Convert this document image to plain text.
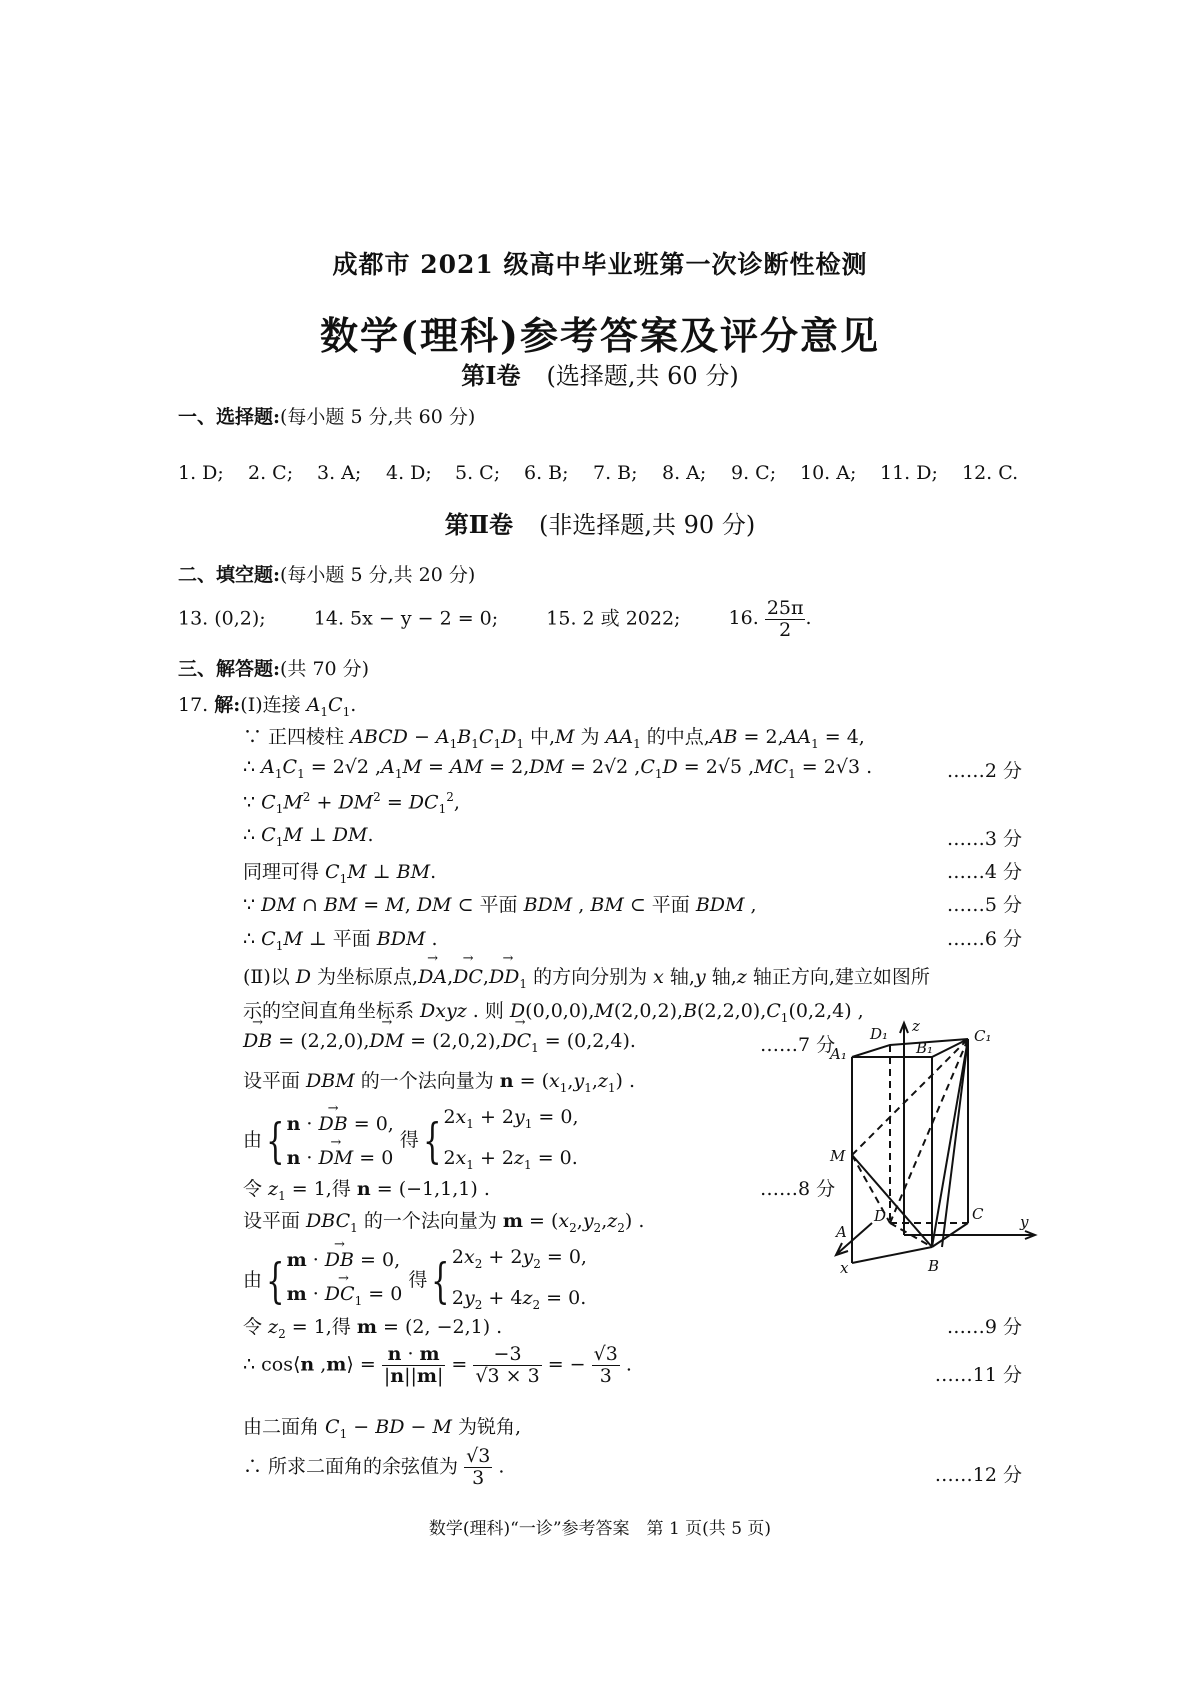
成都市 2021 级高中毕业班第一次诊断性检测
数学(理科)参考答案及评分意见
第Ⅰ卷 (选择题,共 60 分)
一、选择题:(每小题 5 分,共 60 分)
1. D; 2. C; 3. A; 4. D; 5. C; 6. B; 7. B; 8. A; 9. C; 10. A; 11. D; 12. C.
第Ⅱ卷 (非选择题,共 90 分)
二、填空题:(每小题 5 分,共 20 分)
13. (0,2);	14. 5x − y − 2 = 0;	15. 2 或 2022;	16. $\frac{25\pi}{2}$ .
三、解答题:(共 70 分)
17. 解:(Ⅰ)连接 $A_1C_1$.
∵ 正四棱柱 ABCD − $A_1B_1C_1D_1$ 中,M 为 $AA_1$ 的中点$,AB = 2,AA_1 = 4$,
∴ $A_1C_1 = 2√2$ $,A_1M$ = AM = 2,DM = 2√2 $,C_1D = 2√5$ $,MC_1 = 2√3$ .	……2 分
∵ $C_1M^2 + DM^2 = DC_1^2$,
∴ $C_1M$ ⊥ DM.	……3 分
同理可得 $C_1M$ ⊥ BM.	……4 分
∵ DM ∩ BM = M, DM ⊂ 平面 BDM , BM ⊂ 平面 BDM ,	……5 分
∴ $C_1M$ ⊥ 平面 BDM .	……6 分
(Ⅱ)以 D 为坐标原点,→ $DA,\to DC,\to DD_1$ 的方向分别为 x 轴,y 轴,z 轴正方向,建立如图所
示的空间直角坐标系 Dxyz . 则 $D(0,0,0),M(2,0,2),B(2,2,0),C_1(0,2,4)$ ,
→ DB = (2,2,0),→ DM = $(2,0,2),\to DC_1 = (0,2,4)$.	……7 分
设平面 DBM 的一个法向量为 $n = (x_1,y_1,z_1)$ .
由{ n · → DB = 0,
n · → DM = 0 得{ $2x_1 + 2y_1 = 0$,
$2x_1 + 2z_1 = 0$.
令 $z_1 = 1$,得 n = (−1,1,1) .	……8 分
设平面 $DBC_1$ 的一个法向量为 $m = (x_2,y_2,z_2)$ .
由{ m · → DB = 0,
m · → $DC_1 = 0$ 得{ $2x_2 + 2y_2 = 0$,
$2y_2 + 4z_2 = 0$.
令 $z_2 = 1$,得 m = (2, −2,1) .	……9 分
∴ cos⟨n ,m⟩ = $\frac{n \cdot m}{|n||m|} = \frac{-3}{√3 \times 3}$ = − $\frac{√3}{3}$ .	……11 分
由二面角 $C_1$ − BD − M 为锐角,
∴ 所求二面角的余弦值为 $\frac{√3}{3}$ .	……12 分
z
D₁	C₁
A₁	B₁
M
D	C
A
B
x
y
数学(理科)“一诊”参考答案　第 1 页(共 5 页)
